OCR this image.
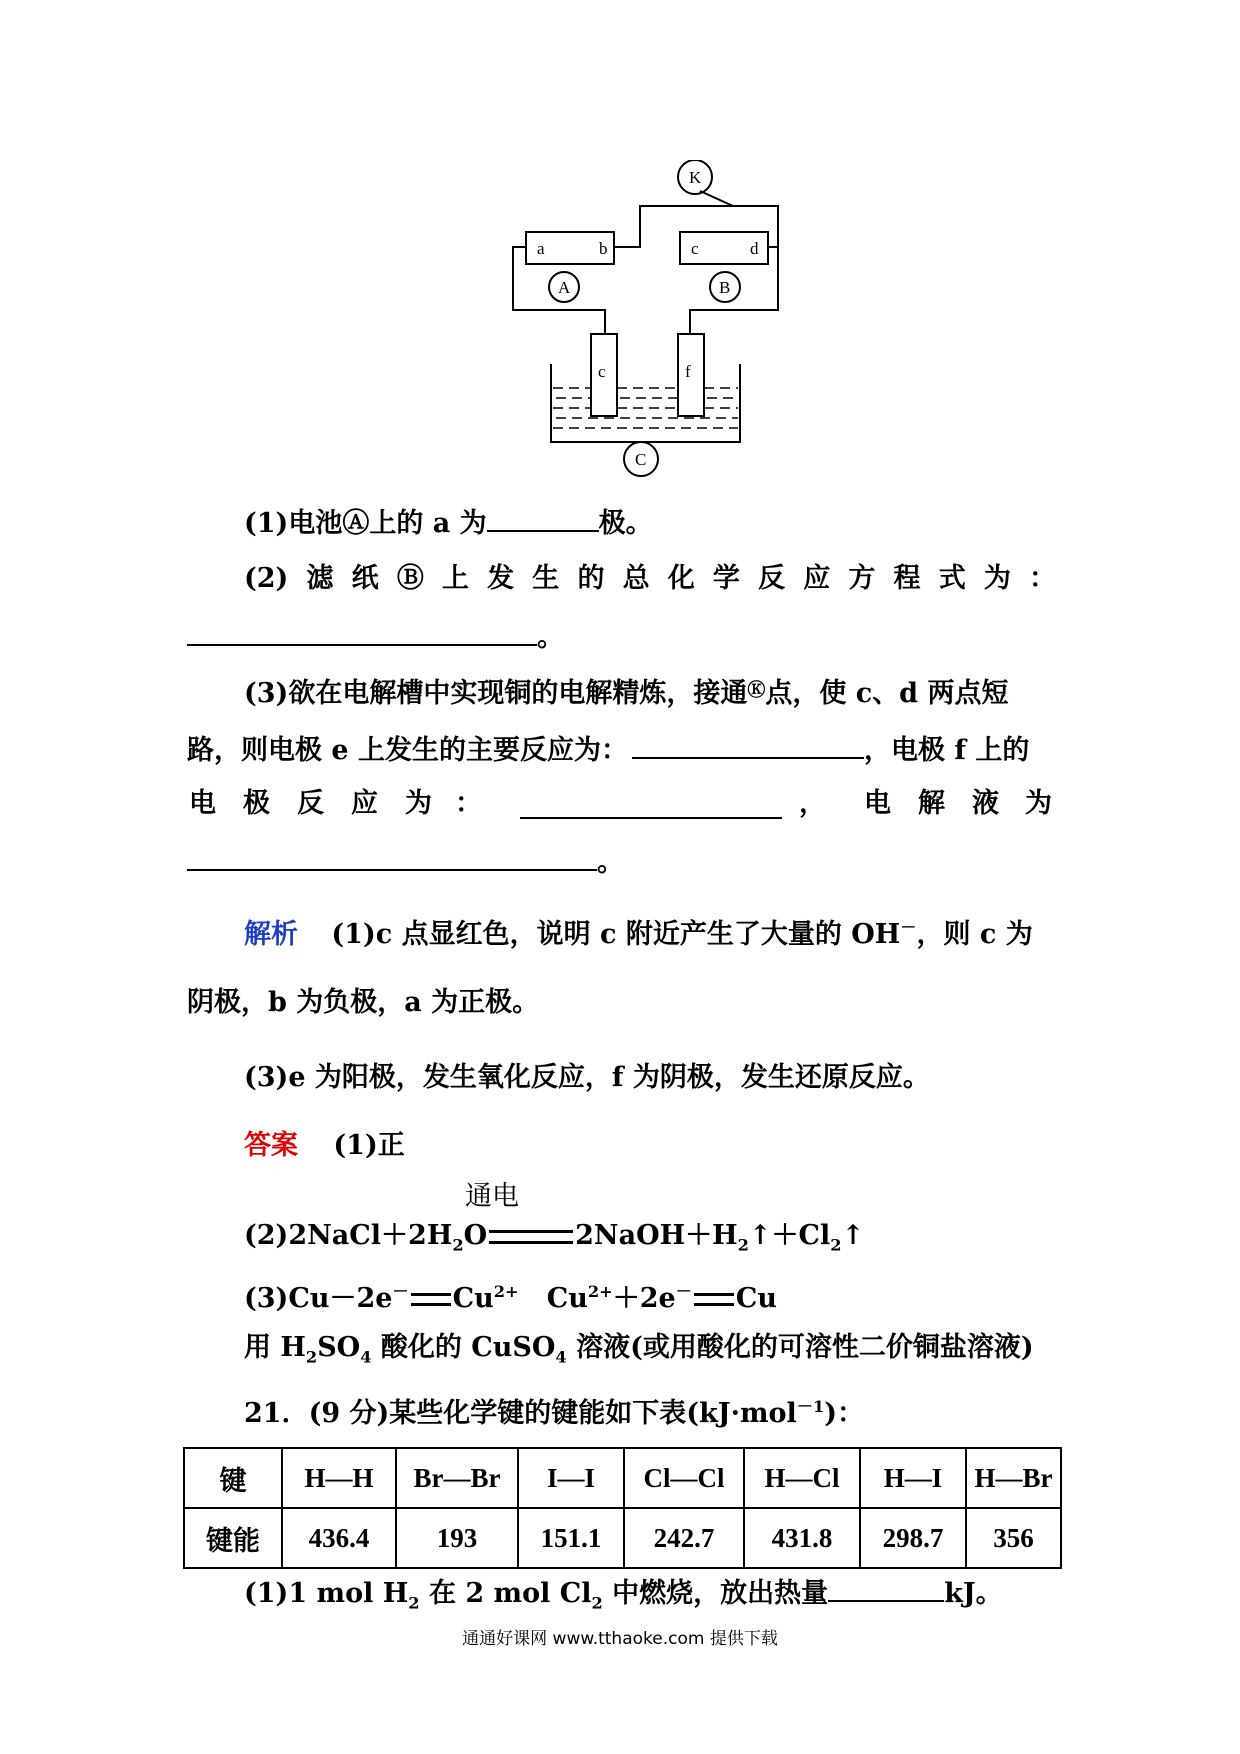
a	b	c	d
c	f
K
A	B
C
(1)电池Ⓐ上的 a 为	极。
(2) 滤 纸 Ⓑ 上 发 生 的 总 化 学 反 应 方 程 式 为 ：
。
(3)欲在电解槽中实现铜的电解精炼，接通Ⓚ点，使 c、d 两点短
路，则电极 e 上发生的主要反应为：	，电极 f 上的
电 极 反 应 为 ：	， 电 解 液 为
。
解析 (1)c 点显红色，说明 c 附近产生了大量的 OH－，则 c 为
阴极，b 为负极，a 为正极。
(3)e 为阳极，发生氧化反应，f 为阴极，发生还原反应。
答案 (1)正
通电
$(2)2NaCl+2H_2O$	$2NaOH+H_2↑+Cl_2↑$
(3)Cu－2e－ $Cu^{2+}$   $Cu^{2+}+2e^-$ Cu
用 $H_2SO_4$ 酸化的 CuSO$_4$ 溶液(或用酸化的可溶性二价铜盐溶液)
21．(9 分)某些化学键的键能如下表(kJ·mol$^{-1}$)：
键	H—H	Br—Br	I—I	Cl—Cl	H—Cl	H—I	H—Br
键能	436.4	193	151.1	242.7	431.8	298.7	356
(1)1 mol $H_2$ 在 2 mol $Cl_2$ 中燃烧，放出热量	kJ。
通通好课网 www.tthaoke.com 提供下载
